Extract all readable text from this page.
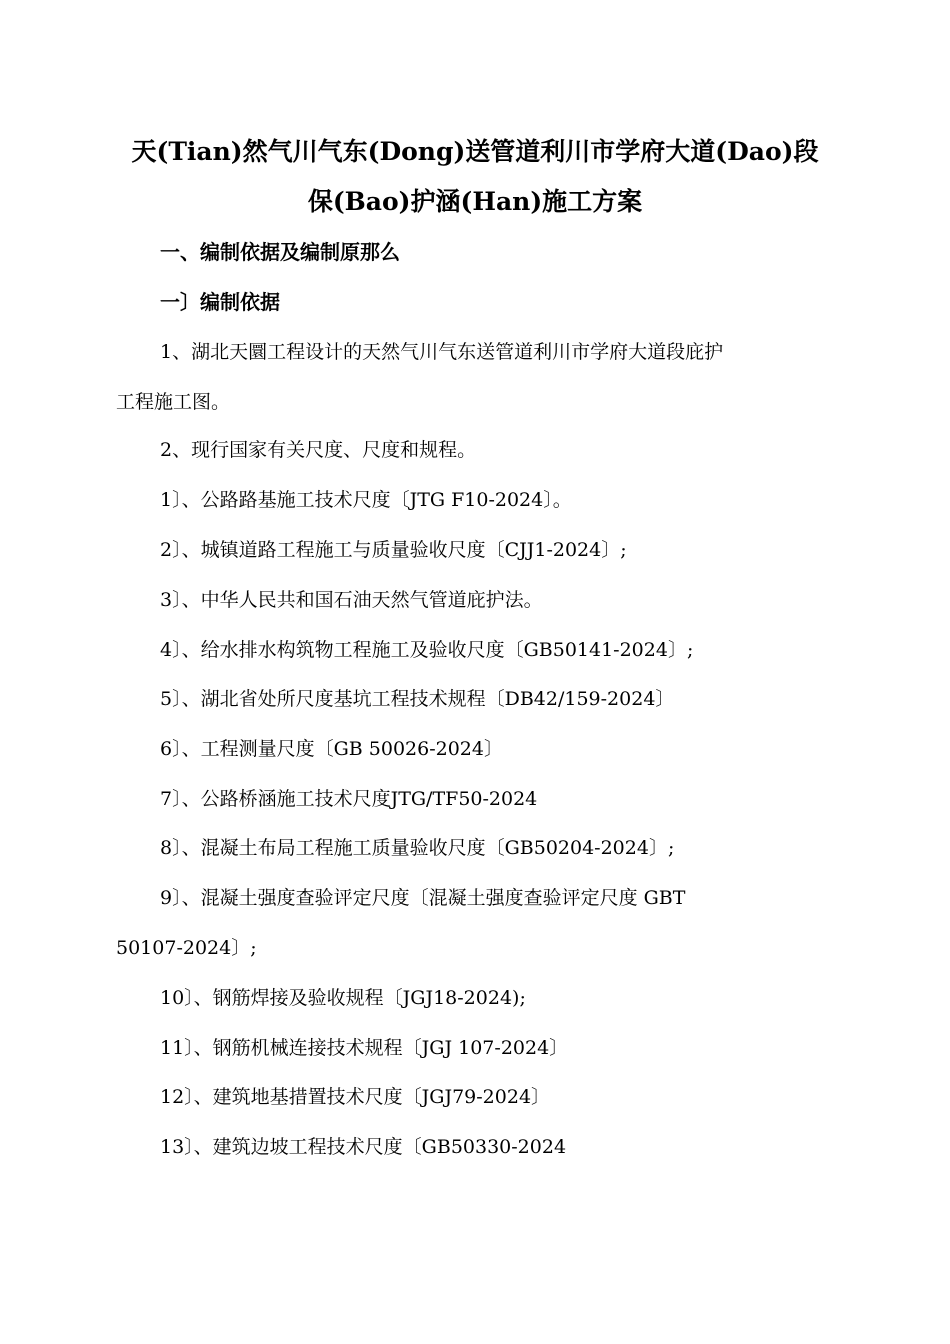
天(Tian)然气川气东(Dong)送管道利川市学府大道(Dao)段
保(Bao)护涵(Han)施工方案
一、编制依据及编制原那么
一〕编制依据
1、湖北天圜工程设计的天然气川气东送管道利川市学府大道段庇护
工程施工图。
2、现行国家有关尺度、尺度和规程。
1〕、公路路基施工技术尺度〔JTG F10-2024〕。
2〕、城镇道路工程施工与质量验收尺度〔CJJ1-2024〕;
3〕、中华人民共和国石油天然气管道庇护法。
4〕、给水排水构筑物工程施工及验收尺度〔GB50141-2024〕;
5〕、湖北省处所尺度基坑工程技术规程〔DB42/159-2024〕
6〕、工程测量尺度〔GB 50026-2024〕
7〕、公路桥涵施工技术尺度JTG/TF50-2024
8〕、混凝土布局工程施工质量验收尺度〔GB50204-2024〕;
9〕、混凝土强度查验评定尺度〔混凝土强度查验评定尺度 GBT
50107-2024〕;
10〕、钢筋焊接及验收规程〔JGJ18-2024);
11〕、钢筋机械连接技术规程〔JGJ 107-2024〕
12〕、建筑地基措置技术尺度〔JGJ79-2024〕
13〕、建筑边坡工程技术尺度〔GB50330-2024
